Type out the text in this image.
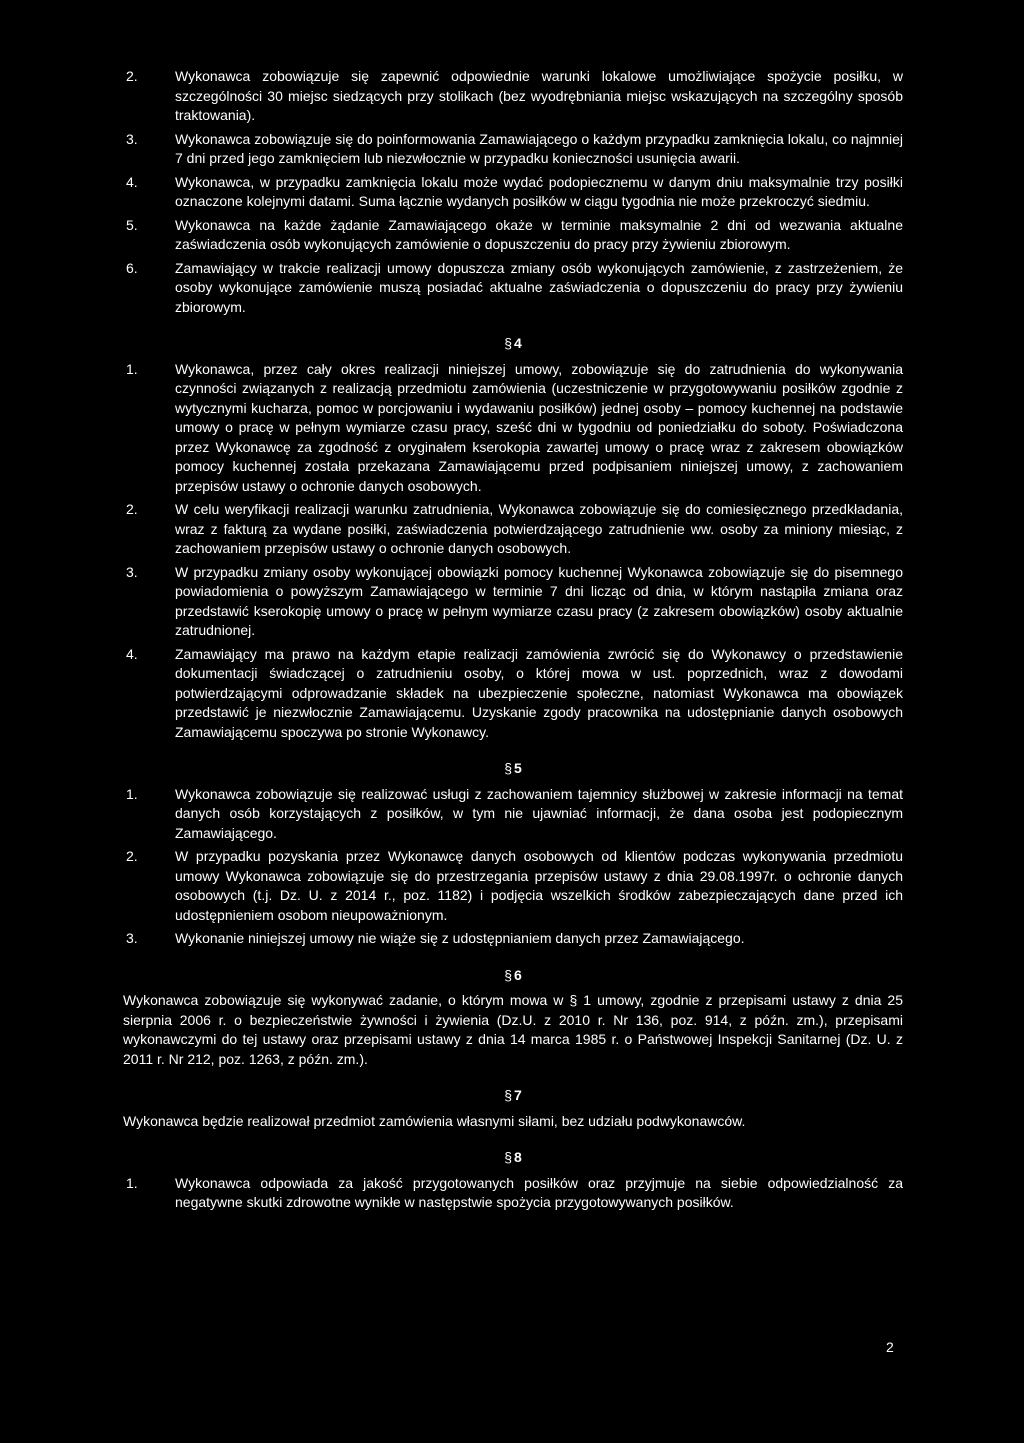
2.	Wykonawca zobowiązuje się zapewnić odpowiednie warunki lokalowe umożliwiające spożycie posiłku, w szczególności 30 miejsc siedzących przy stolikach (bez wyodrębniania miejsc wskazujących na szczególny sposób traktowania).
3.	Wykonawca zobowiązuje się do poinformowania Zamawiającego o każdym przypadku zamknięcia lokalu, co najmniej 7 dni przed jego zamknięciem lub niezwłocznie w przypadku konieczności usunięcia awarii.
4.	Wykonawca, w przypadku zamknięcia lokalu może wydać podopiecznemu w danym dniu maksymalnie trzy posiłki oznaczone kolejnymi datami. Suma łącznie wydanych posiłków w ciągu tygodnia nie może przekroczyć siedmiu.
5.	Wykonawca na każde żądanie Zamawiającego okaże w terminie maksymalnie 2 dni od wezwania aktualne zaświadczenia osób wykonujących zamówienie o dopuszczeniu do pracy przy żywieniu zbiorowym.
6.	Zamawiający w trakcie realizacji umowy dopuszcza zmiany osób wykonujących zamówienie, z zastrzeżeniem, że osoby wykonujące zamówienie muszą posiadać aktualne zaświadczenia o dopuszczeniu do pracy przy żywieniu zbiorowym.
§ 4
1.	Wykonawca, przez cały okres realizacji niniejszej umowy, zobowiązuje się do zatrudnienia do wykonywania czynności związanych z realizacją przedmiotu zamówienia (uczestniczenie w przygotowywaniu posiłków zgodnie z wytycznymi kucharza, pomoc w porcjowaniu i wydawaniu posiłków) jednej osoby – pomocy kuchennej na podstawie umowy o pracę w pełnym wymiarze czasu pracy, sześć dni w tygodniu od poniedziałku do soboty. Poświadczona przez Wykonawcę za zgodność z oryginałem kserokopia zawartej umowy o pracę wraz z zakresem obowiązków pomocy kuchennej została przekazana Zamawiającemu przed podpisaniem niniejszej umowy, z zachowaniem przepisów ustawy o ochronie danych osobowych.
2.	W celu weryfikacji realizacji warunku zatrudnienia, Wykonawca zobowiązuje się do comiesięcznego przedkładania, wraz z fakturą za wydane posiłki, zaświadczenia potwierdzającego zatrudnienie ww. osoby za miniony miesiąc, z zachowaniem przepisów ustawy o ochronie danych osobowych.
3.	W przypadku zmiany osoby wykonującej obowiązki pomocy kuchennej Wykonawca zobowiązuje się do pisemnego powiadomienia o powyższym Zamawiającego w terminie 7 dni licząc od dnia, w którym nastąpiła zmiana oraz przedstawić kserokopię umowy o pracę w pełnym wymiarze czasu pracy (z zakresem obowiązków) osoby aktualnie zatrudnionej.
4.	Zamawiający ma prawo na każdym etapie realizacji zamówienia zwrócić się do Wykonawcy o przedstawienie dokumentacji świadczącej o zatrudnieniu osoby, o której mowa w ust. poprzednich, wraz z dowodami potwierdzającymi odprowadzanie składek na ubezpieczenie społeczne, natomiast Wykonawca ma obowiązek przedstawić je niezwłocznie Zamawiającemu. Uzyskanie zgody pracownika na udostępnianie danych osobowych Zamawiającemu spoczywa po stronie Wykonawcy.
§ 5
1.	Wykonawca zobowiązuje się realizować usługi z zachowaniem tajemnicy służbowej w zakresie informacji na temat danych osób korzystających z posiłków, w tym nie ujawniać informacji, że dana osoba jest podopiecznym Zamawiającego.
2.	W przypadku pozyskania przez Wykonawcę danych osobowych od klientów podczas wykonywania przedmiotu umowy Wykonawca zobowiązuje się do przestrzegania przepisów ustawy z dnia 29.08.1997r. o ochronie danych osobowych (t.j. Dz. U. z 2014 r., poz. 1182) i podjęcia wszelkich środków zabezpieczających dane przed ich udostępnieniem osobom nieupoważnionym.
3.	Wykonanie niniejszej umowy nie wiąże się z udostępnianiem danych przez Zamawiającego.
§ 6

Wykonawca zobowiązuje się wykonywać zadanie, o którym mowa w § 1 umowy, zgodnie z przepisami ustawy z dnia 25 sierpnia 2006 r. o bezpieczeństwie żywności i żywienia (Dz.U. z 2010 r. Nr 136, poz. 914, z późn. zm.), przepisami wykonawczymi do tej ustawy oraz przepisami ustawy z dnia 14 marca 1985 r. o Państwowej Inspekcji Sanitarnej (Dz. U. z 2011 r. Nr 212, poz. 1263, z późn. zm.).

§ 7

Wykonawca będzie realizował przedmiot zamówienia własnymi siłami, bez udziału podwykonawców.

§ 8
1.	Wykonawca odpowiada za jakość przygotowanych posiłków oraz przyjmuje na siebie odpowiedzialność za negatywne skutki zdrowotne wynikłe w następstwie spożycia przygotowywanych posiłków.
2
